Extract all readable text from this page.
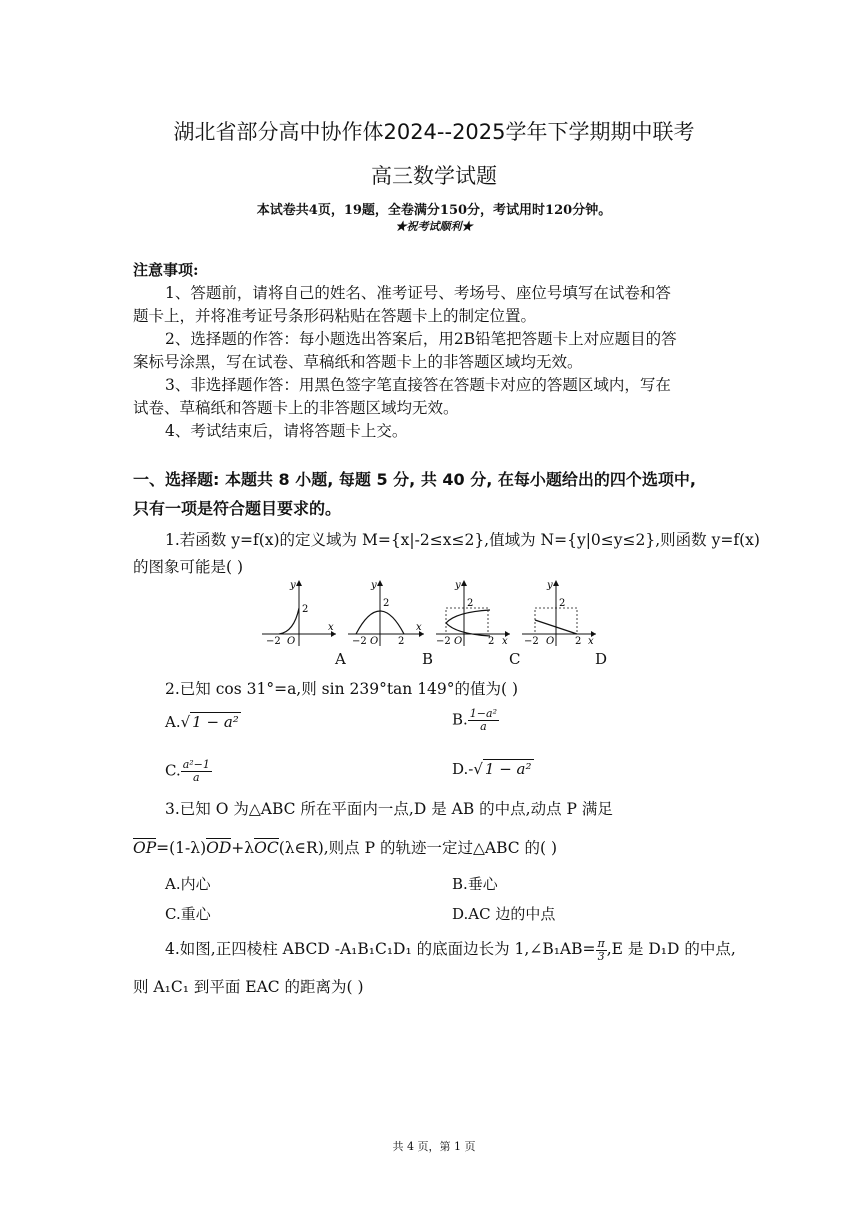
湖北省部分高中协作体2024--2025学年下学期期中联考
高三数学试题
本试卷共4页，19题，全卷满分150分，考试用时120分钟。
★祝考试顺利★
注意事项:
1、答题前，请将自己的姓名、准考证号、考场号、座位号填写在试卷和答
题卡上，并将准考证号条形码粘贴在答题卡上的制定位置。
2、选择题的作答：每小题选出答案后，用2B铅笔把答题卡上对应题目的答
案标号涂黑，写在试卷、草稿纸和答题卡上的非答题区域均无效。
3、非选择题作答：用黑色签字笔直接答在答题卡对应的答题区域内，写在
试卷、草稿纸和答题卡上的非答题区域均无效。
4、考试结束后，请将答题卡上交。
一、选择题: 本题共 8 小题, 每题 5 分, 共 40 分, 在每小题给出的四个选项中,
只有一项是符合题目要求的。
1.若函数 y=f(x)的定义域为 M={x|-2≤x≤2},值域为 N={y|0≤y≤2},则函数 y=f(x)
的图象可能是( )
y
x
2
−2 O
y
x
2
−2 O 2
y
x
2
−2 O	2
y
x
2
−2 O 2
A	B	C	D
2.已知 cos 31°=a,则 sin 239°tan 149°的值为( )
A.√ 1 − a²	B. $\frac{\text{1−a²}}{a}$
C. $\frac{\text{a²−1}}{a}$	D.-√ 1 − a²
3.已知 O 为△ABC 所在平面内一点,D 是 AB 的中点,动点 P 满足
OP=(1-λ)OD+λOC(λ∈R),则点 P 的轨迹一定过△ABC 的( )
A.内心	B.垂心
C.重心	D.AC 边的中点
4.如图,正四棱柱 ABCD -A₁B₁C₁D₁ 的底面边长为 1,∠B₁AB= $\frac{\pi}{3} ,E$ 是 D₁D 的中点,
则 A₁C₁ 到平面 EAC 的距离为( )
共 4 页，第 1 页
